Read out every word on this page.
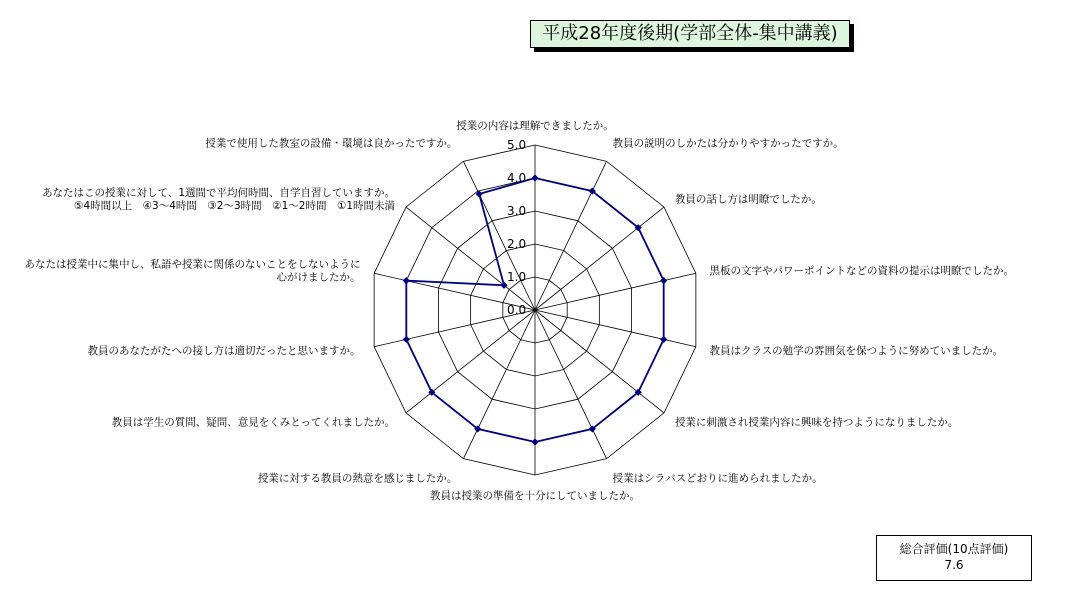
平成28年度後期(学部全体-集中講義)
0.0
1.0
2.0
3.0
4.0
5.0
授業の内容は理解できましたか。
教員の説明のしかたは分かりやすかったですか。
教員の話し方は明瞭でしたか。
黒板の文字やパワーポイントなどの資料の提示は明瞭でしたか。
教員はクラスの勉学の雰囲気を保つように努めていましたか。
授業に刺激され授業内容に興味を持つようになりましたか。
授業はシラバスどおりに進められましたか。
教員は授業の準備を十分にしていましたか。
授業に対する教員の熱意を感じましたか。
教員は学生の質問、疑問、意見をくみとってくれましたか。
教員のあなたがたへの接し方は適切だったと思いますか。
あなたは授業中に集中し、私語や授業に関係のないことをしないように心がけましたか。
あなたはこの授業に対して、1週間で平均何時間、自学自習していますか。 ⑤4時間以上　④3〜4時間　③2〜3時間　②1〜2時間　①1時間未満
授業で使用した教室の設備・環境は良かったですか。
総合評価(10点評価)
7.6
